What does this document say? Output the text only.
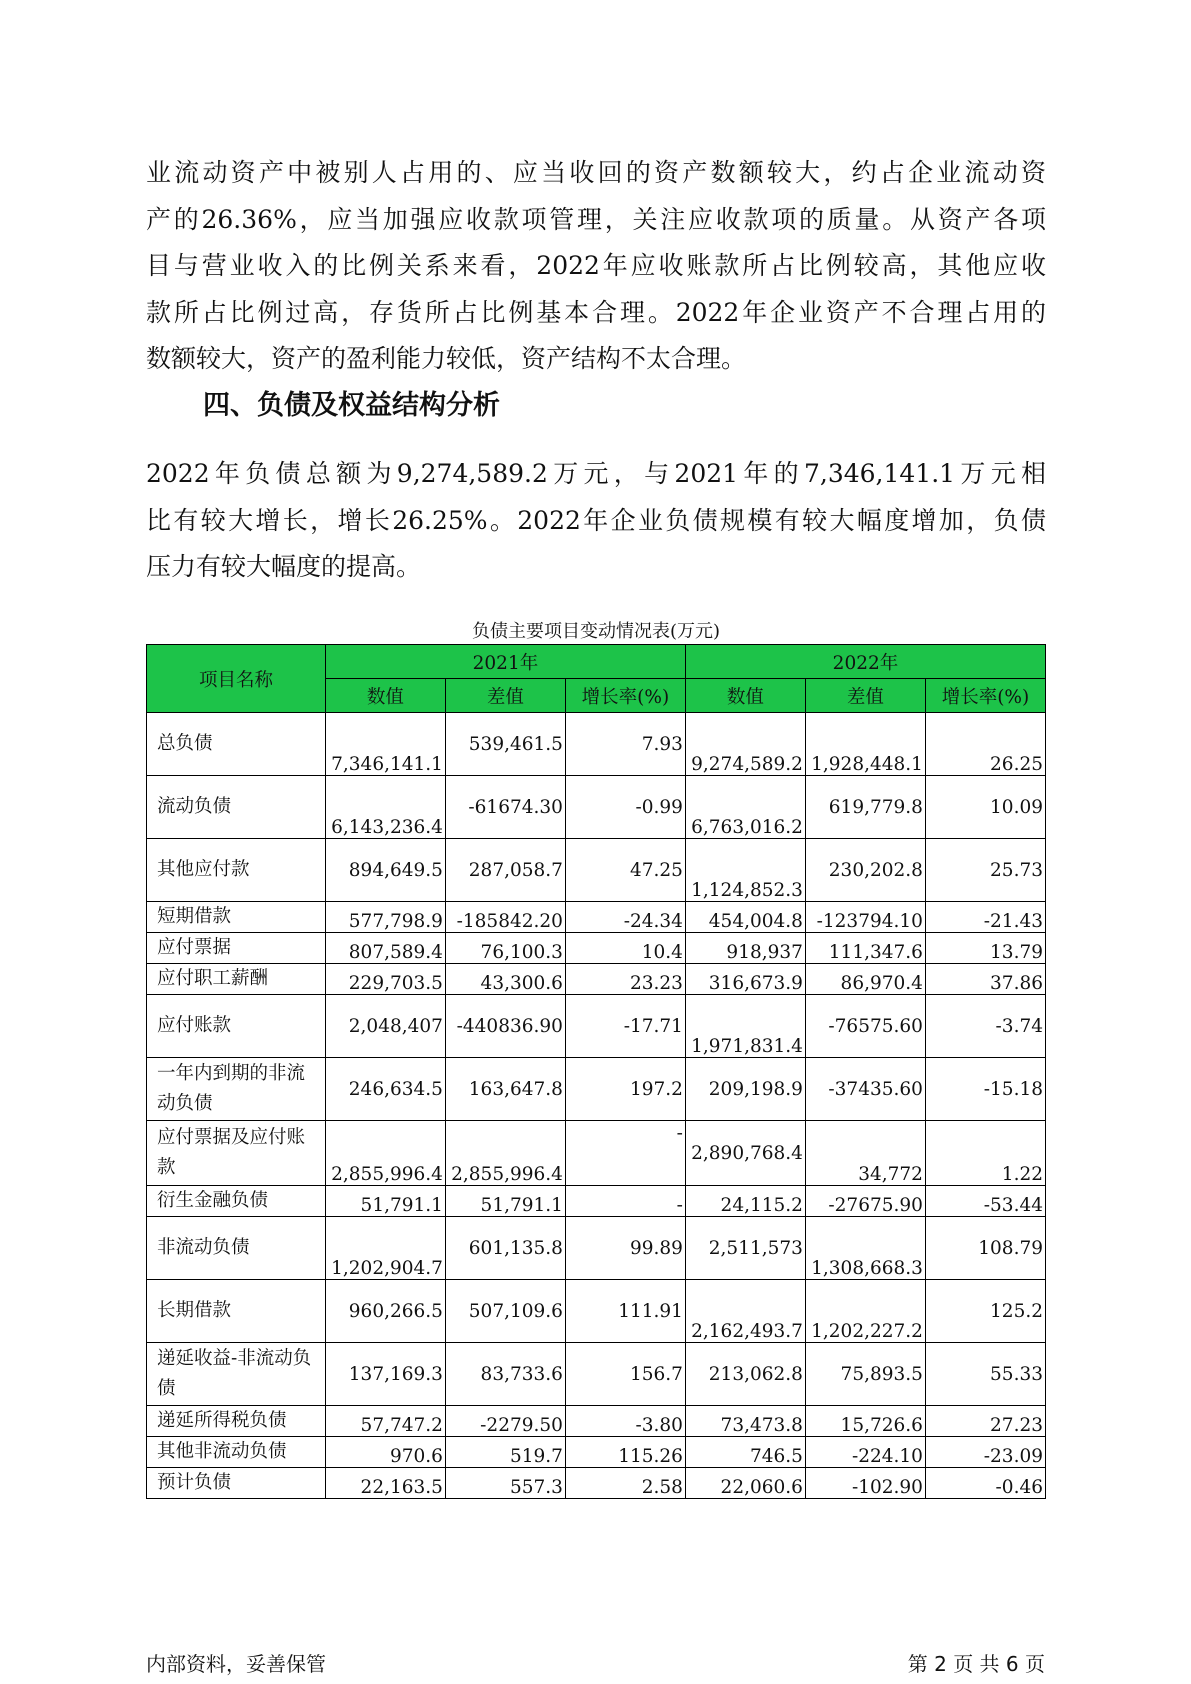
业流动资产中被别人占用的、应当收回的资产数额较大，约占企业流动资
产的26.36%，应当加强应收款项管理，关注应收款项的质量。从资产各项
目与营业收入的比例关系来看，2022年应收账款所占比例较高，其他应收
款所占比例过高，存货所占比例基本合理。2022年企业资产不合理占用的
数额较大，资产的盈利能力较低，资产结构不太合理。
四、负债及权益结构分析
2022年负债总额为9,274,589.2万元，与2021年的7,346,141.1万元相
比有较大增长，增长26.25%。2022年企业负债规模有较大幅度增加，负债
压力有较大幅度的提高。
负债主要项目变动情况表(万元)
项目名称	2021年			2022年		
	数值	差值	增长率(%)	数值	差值	增长率(%)
总负债	7,346,141.1	539,461.5	7.93	9,274,589.2	1,928,448.1	26.25
流动负债	6,143,236.4	-61674.30	-0.99	6,763,016.2	619,779.8	10.09
其他应付款	894,649.5	287,058.7	47.25	1,124,852.3	230,202.8	25.73
短期借款	577,798.9	-185842.20	-24.34	454,004.8	-123794.10	-21.43
应付票据	807,589.4	76,100.3	10.4	918,937	111,347.6	13.79
应付职工薪酬	229,703.5	43,300.6	23.23	316,673.9	86,970.4	37.86
应付账款	2,048,407	-440836.90	-17.71	1,971,831.4	-76575.60	-3.74
一年内到期的非流动负债	246,634.5	163,647.8	197.2	209,198.9	-37435.60	-15.18
应付票据及应付账款	2,855,996.4	2,855,996.4	-	2,890,768.4	34,772	1.22
衍生金融负债	51,791.1	51,791.1	-	24,115.2	-27675.90	-53.44
非流动负债	1,202,904.7	601,135.8	99.89	2,511,573	1,308,668.3	108.79
长期借款	960,266.5	507,109.6	111.91	2,162,493.7	1,202,227.2	125.2
递延收益-非流动负债	137,169.3	83,733.6	156.7	213,062.8	75,893.5	55.33
递延所得税负债	57,747.2	-2279.50	-3.80	73,473.8	15,726.6	27.23
其他非流动负债	970.6	519.7	115.26	746.5	-224.10	-23.09
预计负债	22,163.5	557.3	2.58	22,060.6	-102.90	-0.46
内部资料，妥善保管	第 2 页 共 6 页
